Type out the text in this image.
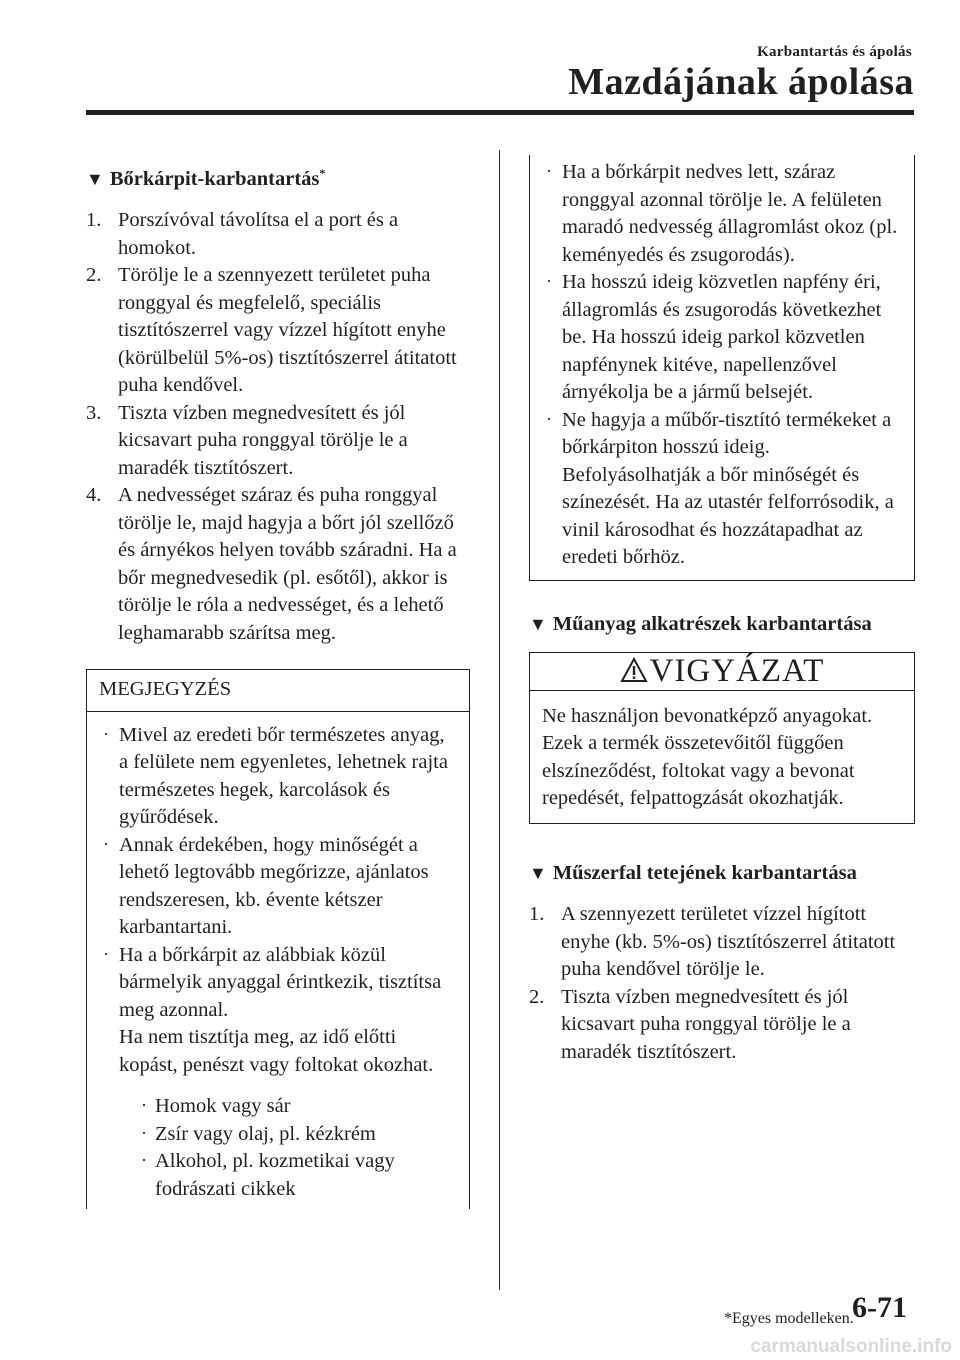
Karbantartás és ápolás
Mazdájának ápolása
▼ Bőrkárpit-karbantartás*
1. Porszívóval távolítsa el a port és a homokot.
2. Törölje le a szennyezett területet puha ronggyal és megfelelő, speciális tisztítószerrel vagy vízzel hígított enyhe (körülbelül 5%-os) tisztítószerrel átitatott puha kendővel.
3. Tiszta vízben megnedvesített és jól kicsavart puha ronggyal törölje le a maradék tisztítószert.
4. A nedvességet száraz és puha ronggyal törölje le, majd hagyja a bőrt jól szellőző és árnyékos helyen tovább száradni. Ha a bőr megnedvesedik (pl. esőtől), akkor is törölje le róla a nedvességet, és a lehető leghamarabb szárítsa meg.
MEGJEGYZÉS
· Mivel az eredeti bőr természetes anyag, a felülete nem egyenletes, lehetnek rajta természetes hegek, karcolások és gyűrődések.
· Annak érdekében, hogy minőségét a lehető legtovább megőrizze, ajánlatos rendszeresen, kb. évente kétszer karbantartani.
· Ha a bőrkárpit az alábbiak közül bármelyik anyaggal érintkezik, tisztítsa meg azonnal.
Ha nem tisztítja meg, az idő előtti kopást, penészt vagy foltokat okozhat.
· Homok vagy sár
· Zsír vagy olaj, pl. kézkrém
· Alkohol, pl. kozmetikai vagy fodrászati cikkek
· Ha a bőrkárpit nedves lett, száraz ronggyal azonnal törölje le. A felületen maradó nedvesség állagromlást okoz (pl. keményedés és zsugorodás).
· Ha hosszú ideig közvetlen napfény éri, állagromlás és zsugorodás következhet be. Ha hosszú ideig parkol közvetlen napfénynek kitéve, napellenzővel árnyékolja be a jármű belsejét.
· Ne hagyja a műbőr-tisztító termékeket a bőrkárpiton hosszú ideig. Befolyásolhatják a bőr minőségét és színezését. Ha az utastér felforrósodik, a vinil károsodhat és hozzátapadhat az eredeti bőrhöz.
▼ Műanyag alkatrészek karbantartása
VIGYÁZAT
Ne használjon bevonatképző anyagokat. Ezek a termék összetevőitől függően elszíneződést, foltokat vagy a bevonat repedését, felpattogzását okozhatják.
▼ Műszerfal tetejének karbantartása
1. A szennyezett területet vízzel hígított enyhe (kb. 5%-os) tisztítószerrel átitatott puha kendővel törölje le.
2. Tiszta vízben megnedvesített és jól kicsavart puha ronggyal törölje le a maradék tisztítószert.
*Egyes modelleken.
6-71
carmanualsonline.info
